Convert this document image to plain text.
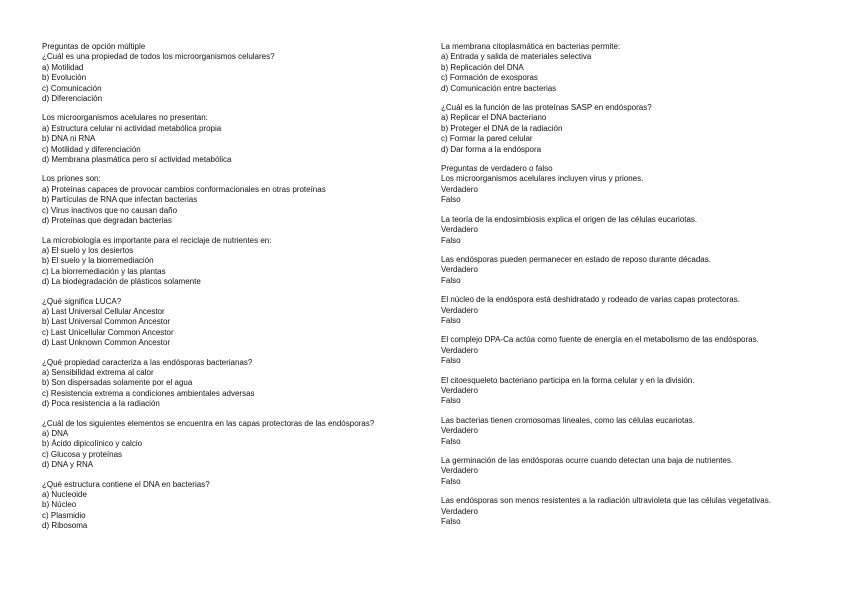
Preguntas de opción múltiple
¿Cuál es una propiedad de todos los microorganismos celulares?
a) Motilidad
b) Evolución
c) Comunicación
d) Diferenciación
Los microorganismos acelulares no presentan:
a) Estructura celular ni actividad metabólica propia
b) DNA ni RNA
c) Motilidad y diferenciación
d) Membrana plasmática pero sí actividad metabólica
Los priones son:
a) Proteínas capaces de provocar cambios conformacionales en otras proteínas
b) Partículas de RNA que infectan bacterias
c) Virus inactivos que no causan daño
d) Proteínas que degradan bacterias
La microbiología es importante para el reciclaje de nutrientes en:
a) El suelo y los desiertos
b) El suelo y la biorremediación
c) La biorremediación y las plantas
d) La biodegradación de plásticos solamente
¿Qué significa LUCA?
a) Last Universal Cellular Ancestor
b) Last Universal Common Ancestor
c) Last Unicellular Common Ancestor
d) Last Unknown Common Ancestor
¿Qué propiedad caracteriza a las endósporas bacterianas?
a) Sensibilidad extrema al calor
b) Son dispersadas solamente por el agua
c) Resistencia extrema a condiciones ambientales adversas
d) Poca resistencia a la radiación
¿Cuál de los siguientes elementos se encuentra en las capas protectoras de las endósporas?
a) DNA
b) Ácido dipicolínico y calcio
c) Glucosa y proteínas
d) DNA y RNA
¿Qué estructura contiene el DNA en bacterias?
a) Nucleoide
b) Núcleo
c) Plasmidio
d) Ribosoma
La membrana citoplasmática en bacterias permite:
a) Entrada y salida de materiales selectiva
b) Replicación del DNA
c) Formación de exosporas
d) Comunicación entre bacterias
¿Cuál es la función de las proteínas SASP en endósporas?
a) Replicar el DNA bacteriano
b) Proteger el DNA de la radiación
c) Formar la pared celular
d) Dar forma a la endóspora
Preguntas de verdadero o falso
Los microorganismos acelulares incluyen virus y priones.
Verdadero
Falso
La teoría de la endosimbiosis explica el origen de las células eucariotas.
Verdadero
Falso
Las endósporas pueden permanecer en estado de reposo durante décadas.
Verdadero
Falso
El núcleo de la endóspora está deshidratado y rodeado de varias capas protectoras.
Verdadero
Falso
El complejo DPA-Ca actúa como fuente de energía en el metabolismo de las endósporas.
Verdadero
Falso
El citoesqueleto bacteriano participa en la forma celular y en la división.
Verdadero
Falso
Las bacterias tienen cromosomas lineales, como las células eucariotas.
Verdadero
Falso
La germinación de las endósporas ocurre cuando detectan una baja de nutrientes.
Verdadero
Falso
Las endósporas son menos resistentes a la radiación ultravioleta que las células vegetativas.
Verdadero
Falso
